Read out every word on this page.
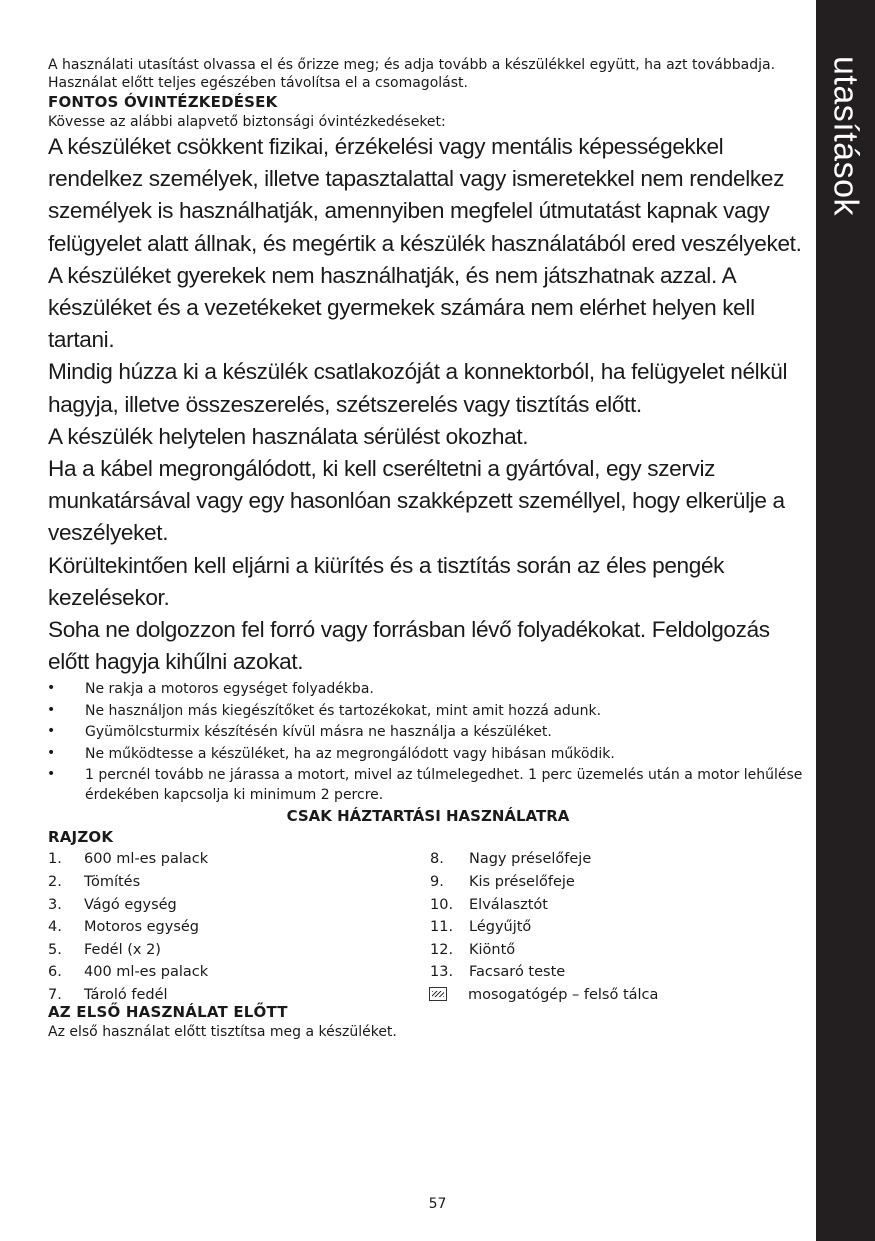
utasítások

A használati utasítást olvassa el és őrizze meg; és adja tovább a készülékkel együtt, ha azt továbbadja. Használat előtt teljes egészében távolítsa el a csomagolást.

FONTOS ÓVINTÉZKEDÉSEK

Kövesse az alábbi alapvető biztonsági óvintézkedéseket:

A készüléket csökkent fizikai, érzékelési vagy mentális képességekkel rendelkez személyek, illetve tapasztalattal vagy ismeretekkel nem rendelkez személyek is használhatják, amennyiben megfelel útmutatást kapnak vagy felügyelet alatt állnak, és megértik a készülék használatából ered veszélyeket.

A készüléket gyerekek nem használhatják, és nem játszhatnak azzal. A készüléket és a vezetékeket gyermekek számára nem elérhet helyen kell tartani.

Mindig húzza ki a készülék csatlakozóját a konnektorból, ha felügyelet nélkül hagyja, illetve összeszerelés, szétszerelés vagy tisztítás előtt.

A készülék helytelen használata sérülést okozhat.

Ha a kábel megrongálódott, ki kell cseréltetni a gyártóval, egy szerviz munkatársával vagy egy hasonlóan szakképzett személlyel, hogy elkerülje a veszélyeket.

Körültekintően kell eljárni a kiürítés és a tisztítás során az éles pengék kezelésekor.

Soha ne dolgozzon fel forró vagy forrásban lévő folyadékokat. Feldolgozás előtt hagyja kihűlni azokat.

• Ne rakja a motoros egységet folyadékba.
• Ne használjon más kiegészítőket és tartozékokat, mint amit hozzá adunk.
• Gyümölcsturmix készítésén kívül másra ne használja a készüléket.
• Ne működtesse a készüléket, ha az megrongálódott vagy hibásan működik.
• 1 percnél tovább ne járassa a motort, mivel az túlmelegedhet. 1 perc üzemelés után a motor lehűlése érdekében kapcsolja ki minimum 2 percre.

CSAK HÁZTARTÁSI HASZNÁLATRA

RAJZOK

1. 600 ml-es palack
2. Tömítés
3. Vágó egység
4. Motoros egység
5. Fedél (x 2)
6. 400 ml-es palack
7. Tároló fedél
8. Nagy préselőfeje
9. Kis préselőfeje
10. Elválasztót
11. Légyűjtő
12. Kiöntő
13. Facsaró teste
mosogatógép – felső tálca

AZ ELSŐ HASZNÁLAT ELŐTT

Az első használat előtt tisztítsa meg a készüléket.

57
